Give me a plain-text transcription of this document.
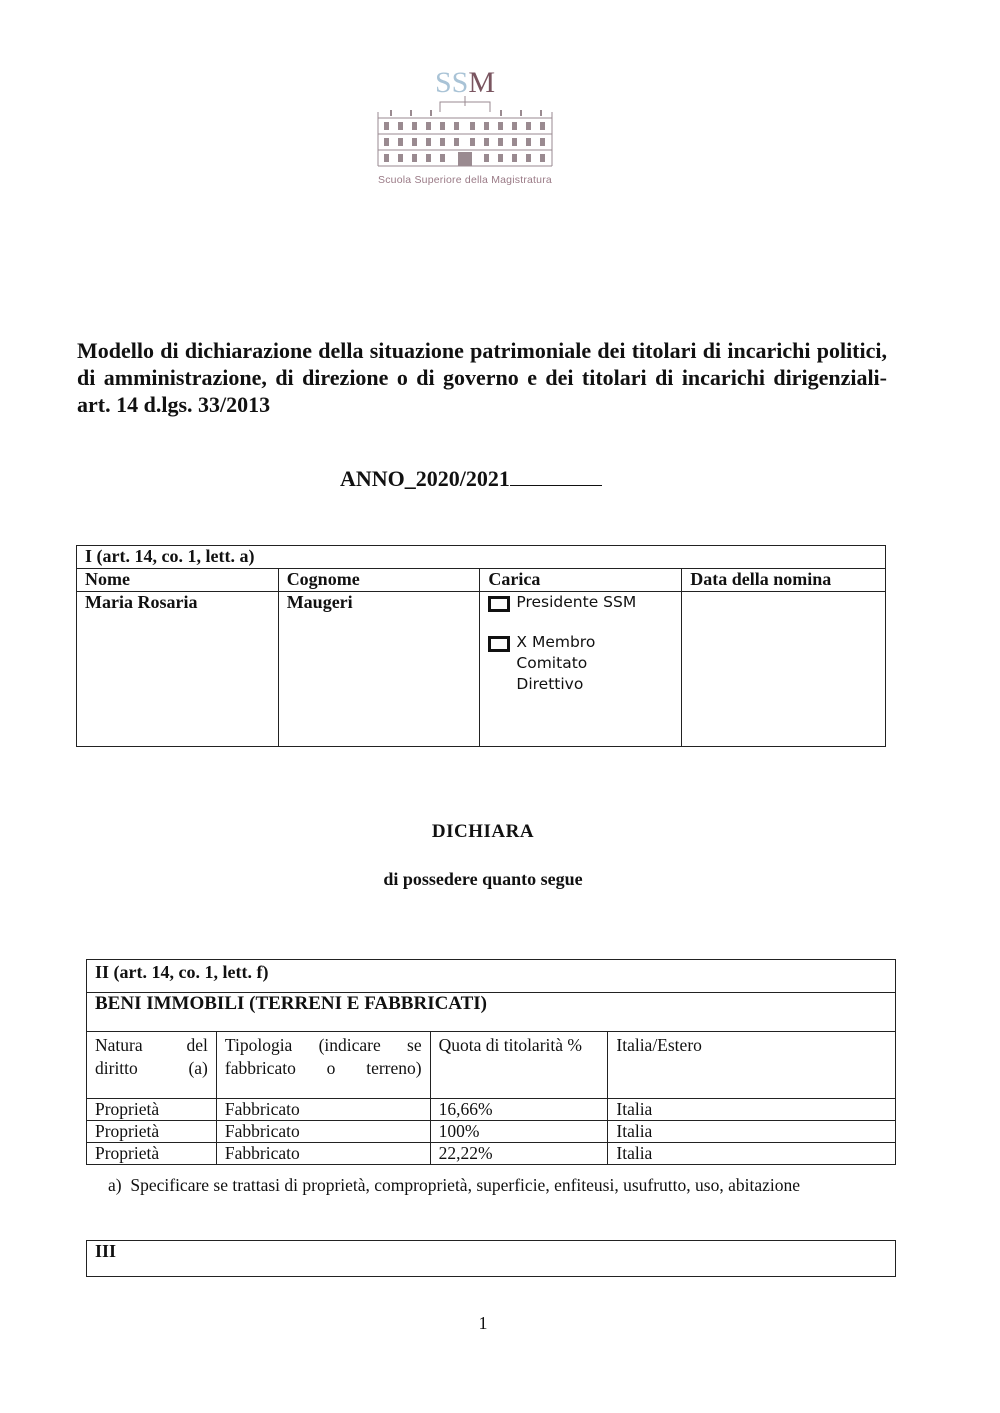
SSM
Scuola Superiore della Magistratura

Modello di dichiarazione della situazione patrimoniale dei titolari di incarichi politici, di amministrazione, di direzione o di governo e dei titolari di incarichi dirigenziali- art. 14 d.lgs. 33/2013

ANNO_2020/2021
I (art. 14, co. 1, lett. a)			
Nome	Cognome	Carica	Data della nomina
Maria Rosaria	Maugeri	Presidente SSM
X Membro Comitato Direttivo	

DICHIARA
di possedere quanto segue
II (art. 14, co. 1, lett. f)			
BENI IMMOBILI (TERRENI E FABBRICATI)			
Natura del diritto (a)	Tipologia (indicare se fabbricato o terreno)	Quota di titolarità %	Italia/Estero
Proprietà	Fabbricato	16,66%	Italia
Proprietà	Fabbricato	100%	Italia
Proprietà	Fabbricato	22,22%	Italia
a) Specificare se trattasi di proprietà, comproprietà, superficie, enfiteusi, usufrutto, uso, abitazione
III
1
